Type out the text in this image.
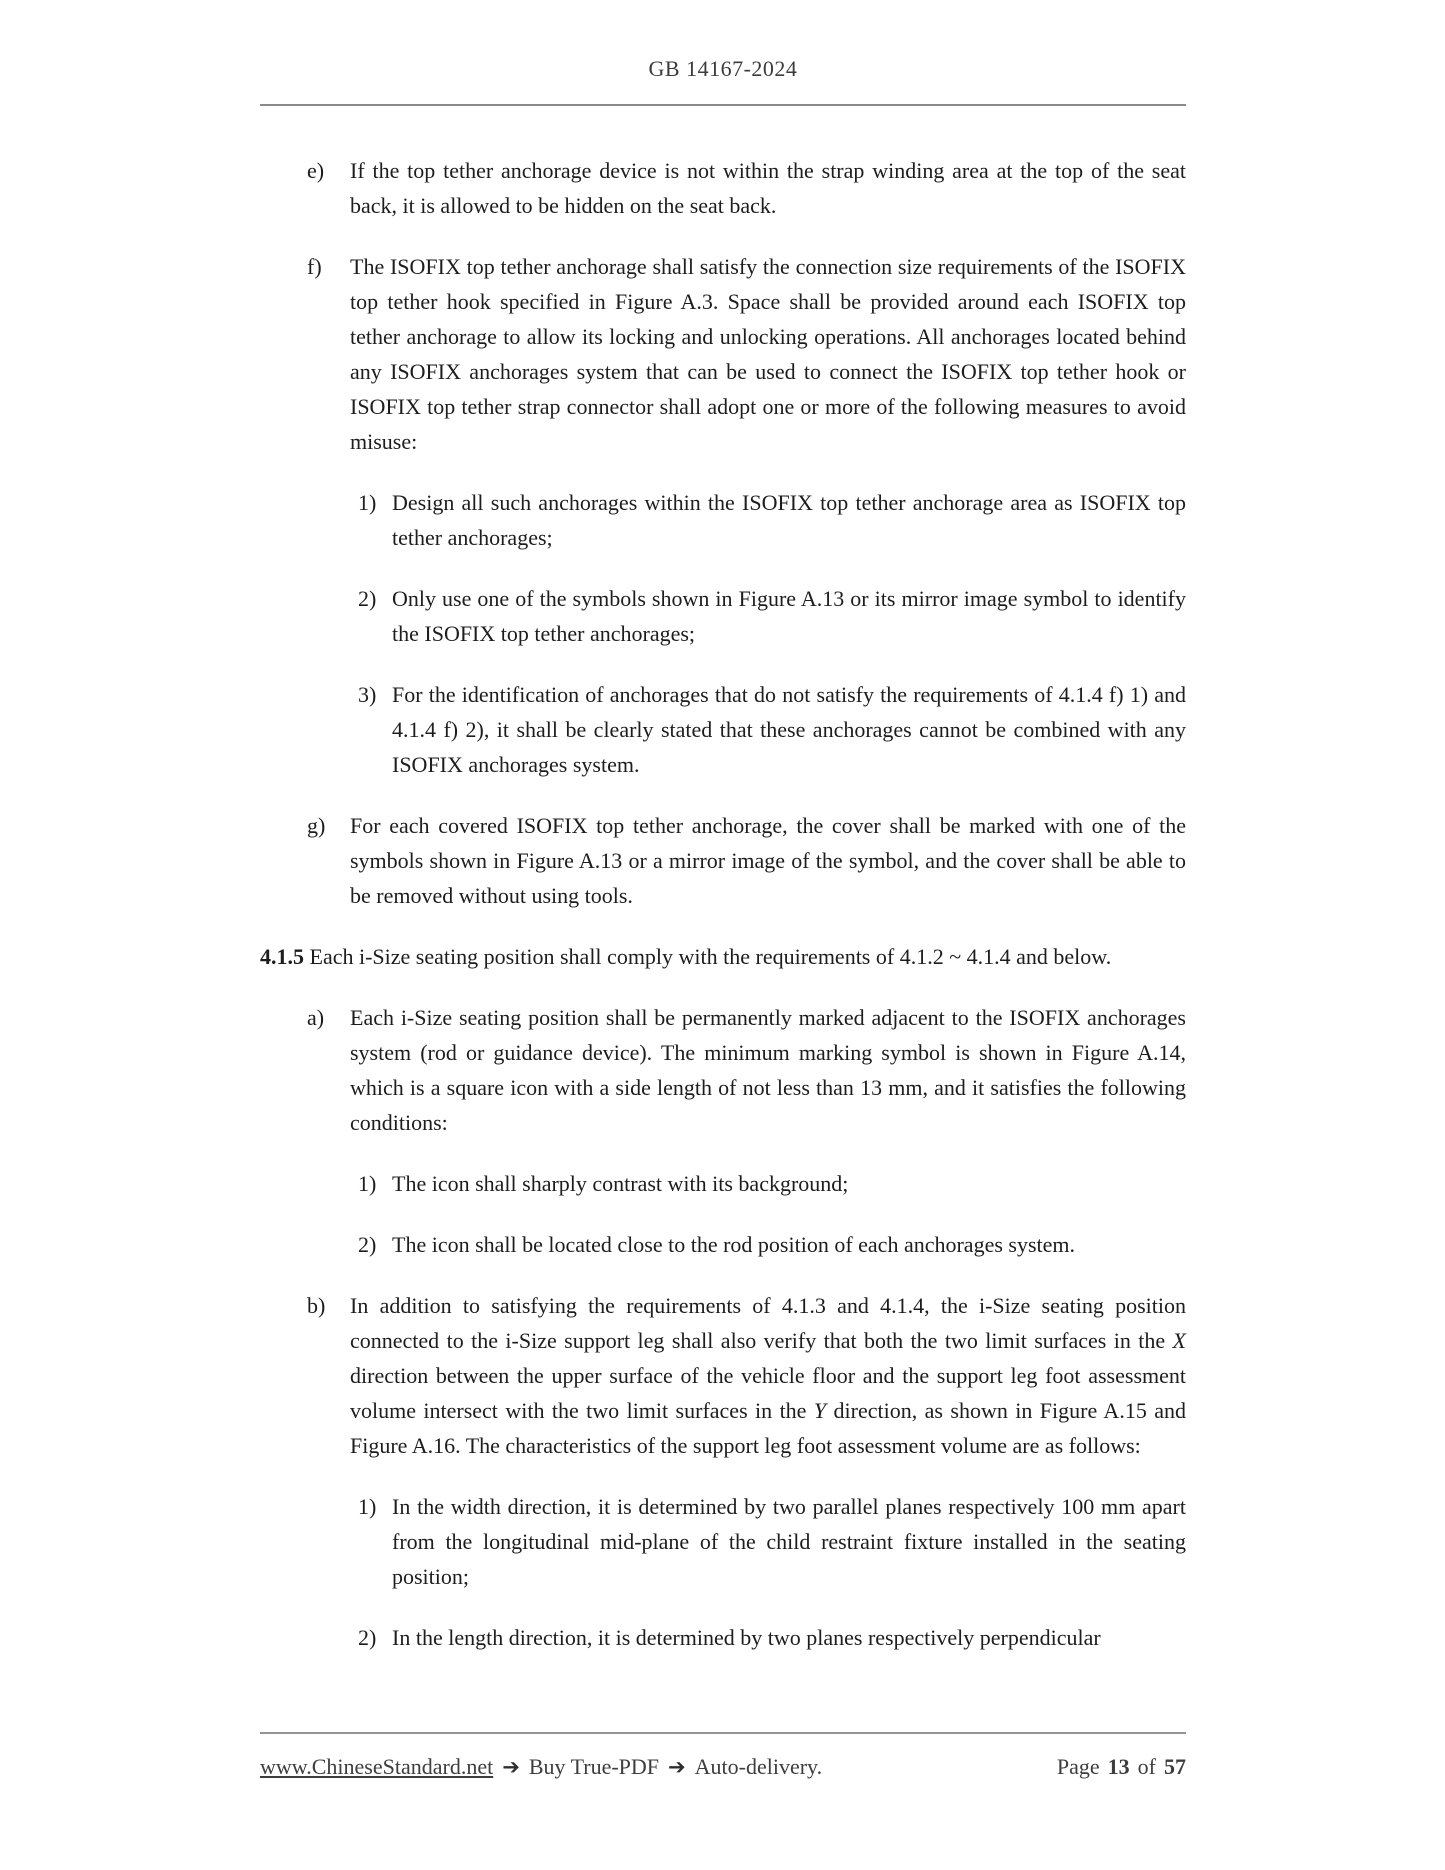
GB 14167-2024
e)	If the top tether anchorage device is not within the strap winding area at the top of the seat back, it is allowed to be hidden on the seat back.
f)	The ISOFIX top tether anchorage shall satisfy the connection size requirements of the ISOFIX top tether hook specified in Figure A.3. Space shall be provided around each ISOFIX top tether anchorage to allow its locking and unlocking operations. All anchorages located behind any ISOFIX anchorages system that can be used to connect the ISOFIX top tether hook or ISOFIX top tether strap connector shall adopt one or more of the following measures to avoid misuse:
1) Design all such anchorages within the ISOFIX top tether anchorage area as ISOFIX top tether anchorages;
2) Only use one of the symbols shown in Figure A.13 or its mirror image symbol to identify the ISOFIX top tether anchorages;
3) For the identification of anchorages that do not satisfy the requirements of 4.1.4 f) 1) and 4.1.4 f) 2), it shall be clearly stated that these anchorages cannot be combined with any ISOFIX anchorages system.
g)	For each covered ISOFIX top tether anchorage, the cover shall be marked with one of the symbols shown in Figure A.13 or a mirror image of the symbol, and the cover shall be able to be removed without using tools.
4.1.5 Each i-Size seating position shall comply with the requirements of 4.1.2 ~ 4.1.4 and below.
a)	Each i-Size seating position shall be permanently marked adjacent to the ISOFIX anchorages system (rod or guidance device). The minimum marking symbol is shown in Figure A.14, which is a square icon with a side length of not less than 13 mm, and it satisfies the following conditions:
1) The icon shall sharply contrast with its background;
2) The icon shall be located close to the rod position of each anchorages system.
b)	In addition to satisfying the requirements of 4.1.3 and 4.1.4, the i-Size seating position connected to the i-Size support leg shall also verify that both the two limit surfaces in the X direction between the upper surface of the vehicle floor and the support leg foot assessment volume intersect with the two limit surfaces in the Y direction, as shown in Figure A.15 and Figure A.16. The characteristics of the support leg foot assessment volume are as follows:
1) In the width direction, it is determined by two parallel planes respectively 100 mm apart from the longitudinal mid-plane of the child restraint fixture installed in the seating position;
2) In the length direction, it is determined by two planes respectively perpendicular
www.ChineseStandard.net ➔ Buy True-PDF ➔ Auto-delivery.	Page 13 of 57
